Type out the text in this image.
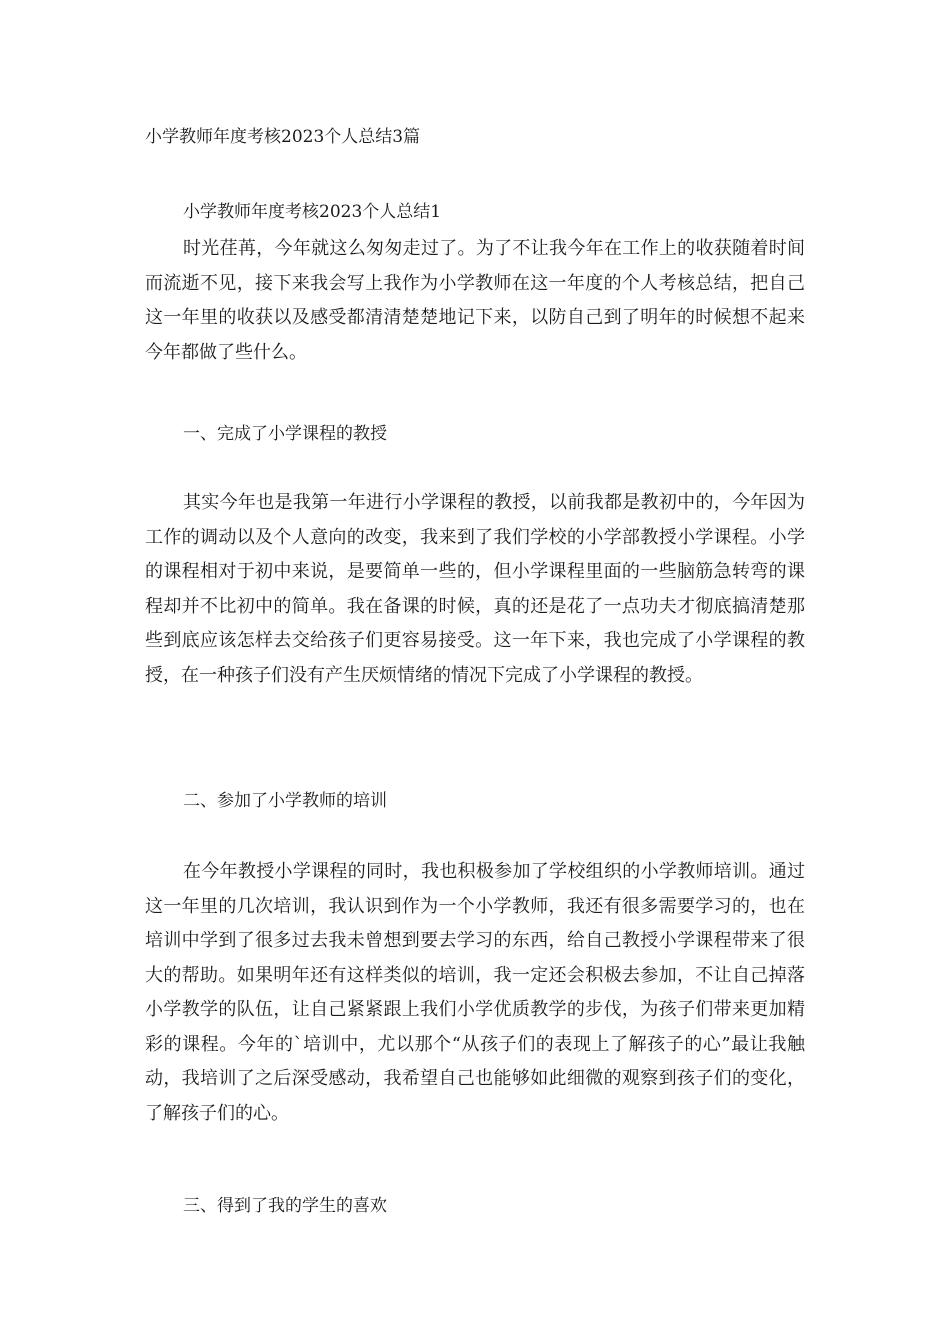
小学教师年度考核2023个人总结3篇
小学教师年度考核2023个人总结1

时光荏苒，今年就这么匆匆走过了。为了不让我今年在工作上的收获随着时间而流逝不见，接下来我会写上我作为小学教师在这一年度的个人考核总结，把自己这一年里的收获以及感受都清清楚楚地记下来，以防自己到了明年的时候想不起来今年都做了些什么。

一、完成了小学课程的教授

其实今年也是我第一年进行小学课程的教授，以前我都是教初中的，今年因为工作的调动以及个人意向的改变，我来到了我们学校的小学部教授小学课程。小学的课程相对于初中来说，是要简单一些的，但小学课程里面的一些脑筋急转弯的课程却并不比初中的简单。我在备课的时候，真的还是花了一点功夫才彻底搞清楚那些到底应该怎样去交给孩子们更容易接受。这一年下来，我也完成了小学课程的教授，在一种孩子们没有产生厌烦情绪的情况下完成了小学课程的教授。

二、参加了小学教师的培训

在今年教授小学课程的同时，我也积极参加了学校组织的小学教师培训。通过这一年里的几次培训，我认识到作为一个小学教师，我还有很多需要学习的，也在培训中学到了很多过去我未曾想到要去学习的东西，给自己教授小学课程带来了很大的帮助。如果明年还有这样类似的培训，我一定还会积极去参加，不让自己掉落小学教学的队伍，让自己紧紧跟上我们小学优质教学的步伐，为孩子们带来更加精彩的课程。今年的`培训中，尤以那个“从孩子们的表现上了解孩子的心”最让我触动，我培训了之后深受感动，我希望自己也能够如此细微的观察到孩子们的变化，了解孩子们的心。

三、得到了我的学生的喜欢
